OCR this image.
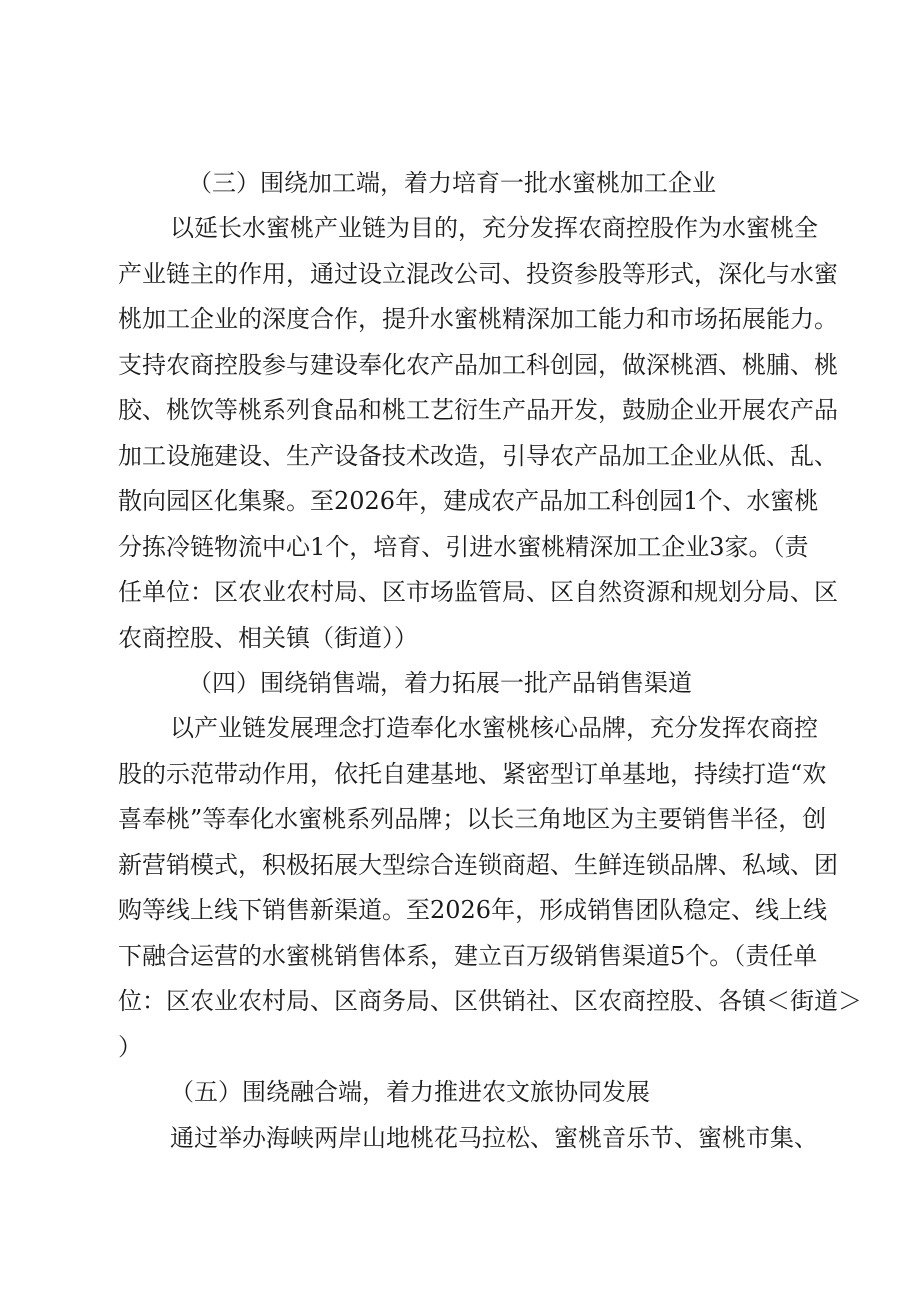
（三）围绕加工端，着力培育一批水蜜桃加工企业
以延长水蜜桃产业链为目的，充分发挥农商控股作为水蜜桃全
产业链主的作用，通过设立混改公司、投资参股等形式，深化与水蜜
桃加工企业的深度合作，提升水蜜桃精深加工能力和市场拓展能力。
支持农商控股参与建设奉化农产品加工科创园，做深桃酒、桃脯、桃
胶、桃饮等桃系列食品和桃工艺衍生产品开发，鼓励企业开展农产品
加工设施建设、生产设备技术改造，引导农产品加工企业从低、乱、
散向园区化集聚。至2026年，建成农产品加工科创园1个、水蜜桃
分拣冷链物流中心1个，培育、引进水蜜桃精深加工企业3家。（责
任单位：区农业农村局、区市场监管局、区自然资源和规划分局、区
农商控股、相关镇（街道））
（四）围绕销售端，着力拓展一批产品销售渠道
以产业链发展理念打造奉化水蜜桃核心品牌，充分发挥农商控
股的示范带动作用，依托自建基地、紧密型订单基地，持续打造“欢
喜奉桃”等奉化水蜜桃系列品牌；以长三角地区为主要销售半径，创
新营销模式，积极拓展大型综合连锁商超、生鲜连锁品牌、私域、团
购等线上线下销售新渠道。至2026年，形成销售团队稳定、线上线
下融合运营的水蜜桃销售体系，建立百万级销售渠道5个。（责任单
位：区农业农村局、区商务局、区供销社、区农商控股、各镇＜街道＞
）
（五）围绕融合端，着力推进农文旅协同发展
通过举办海峡两岸山地桃花马拉松、蜜桃音乐节、蜜桃市集、
